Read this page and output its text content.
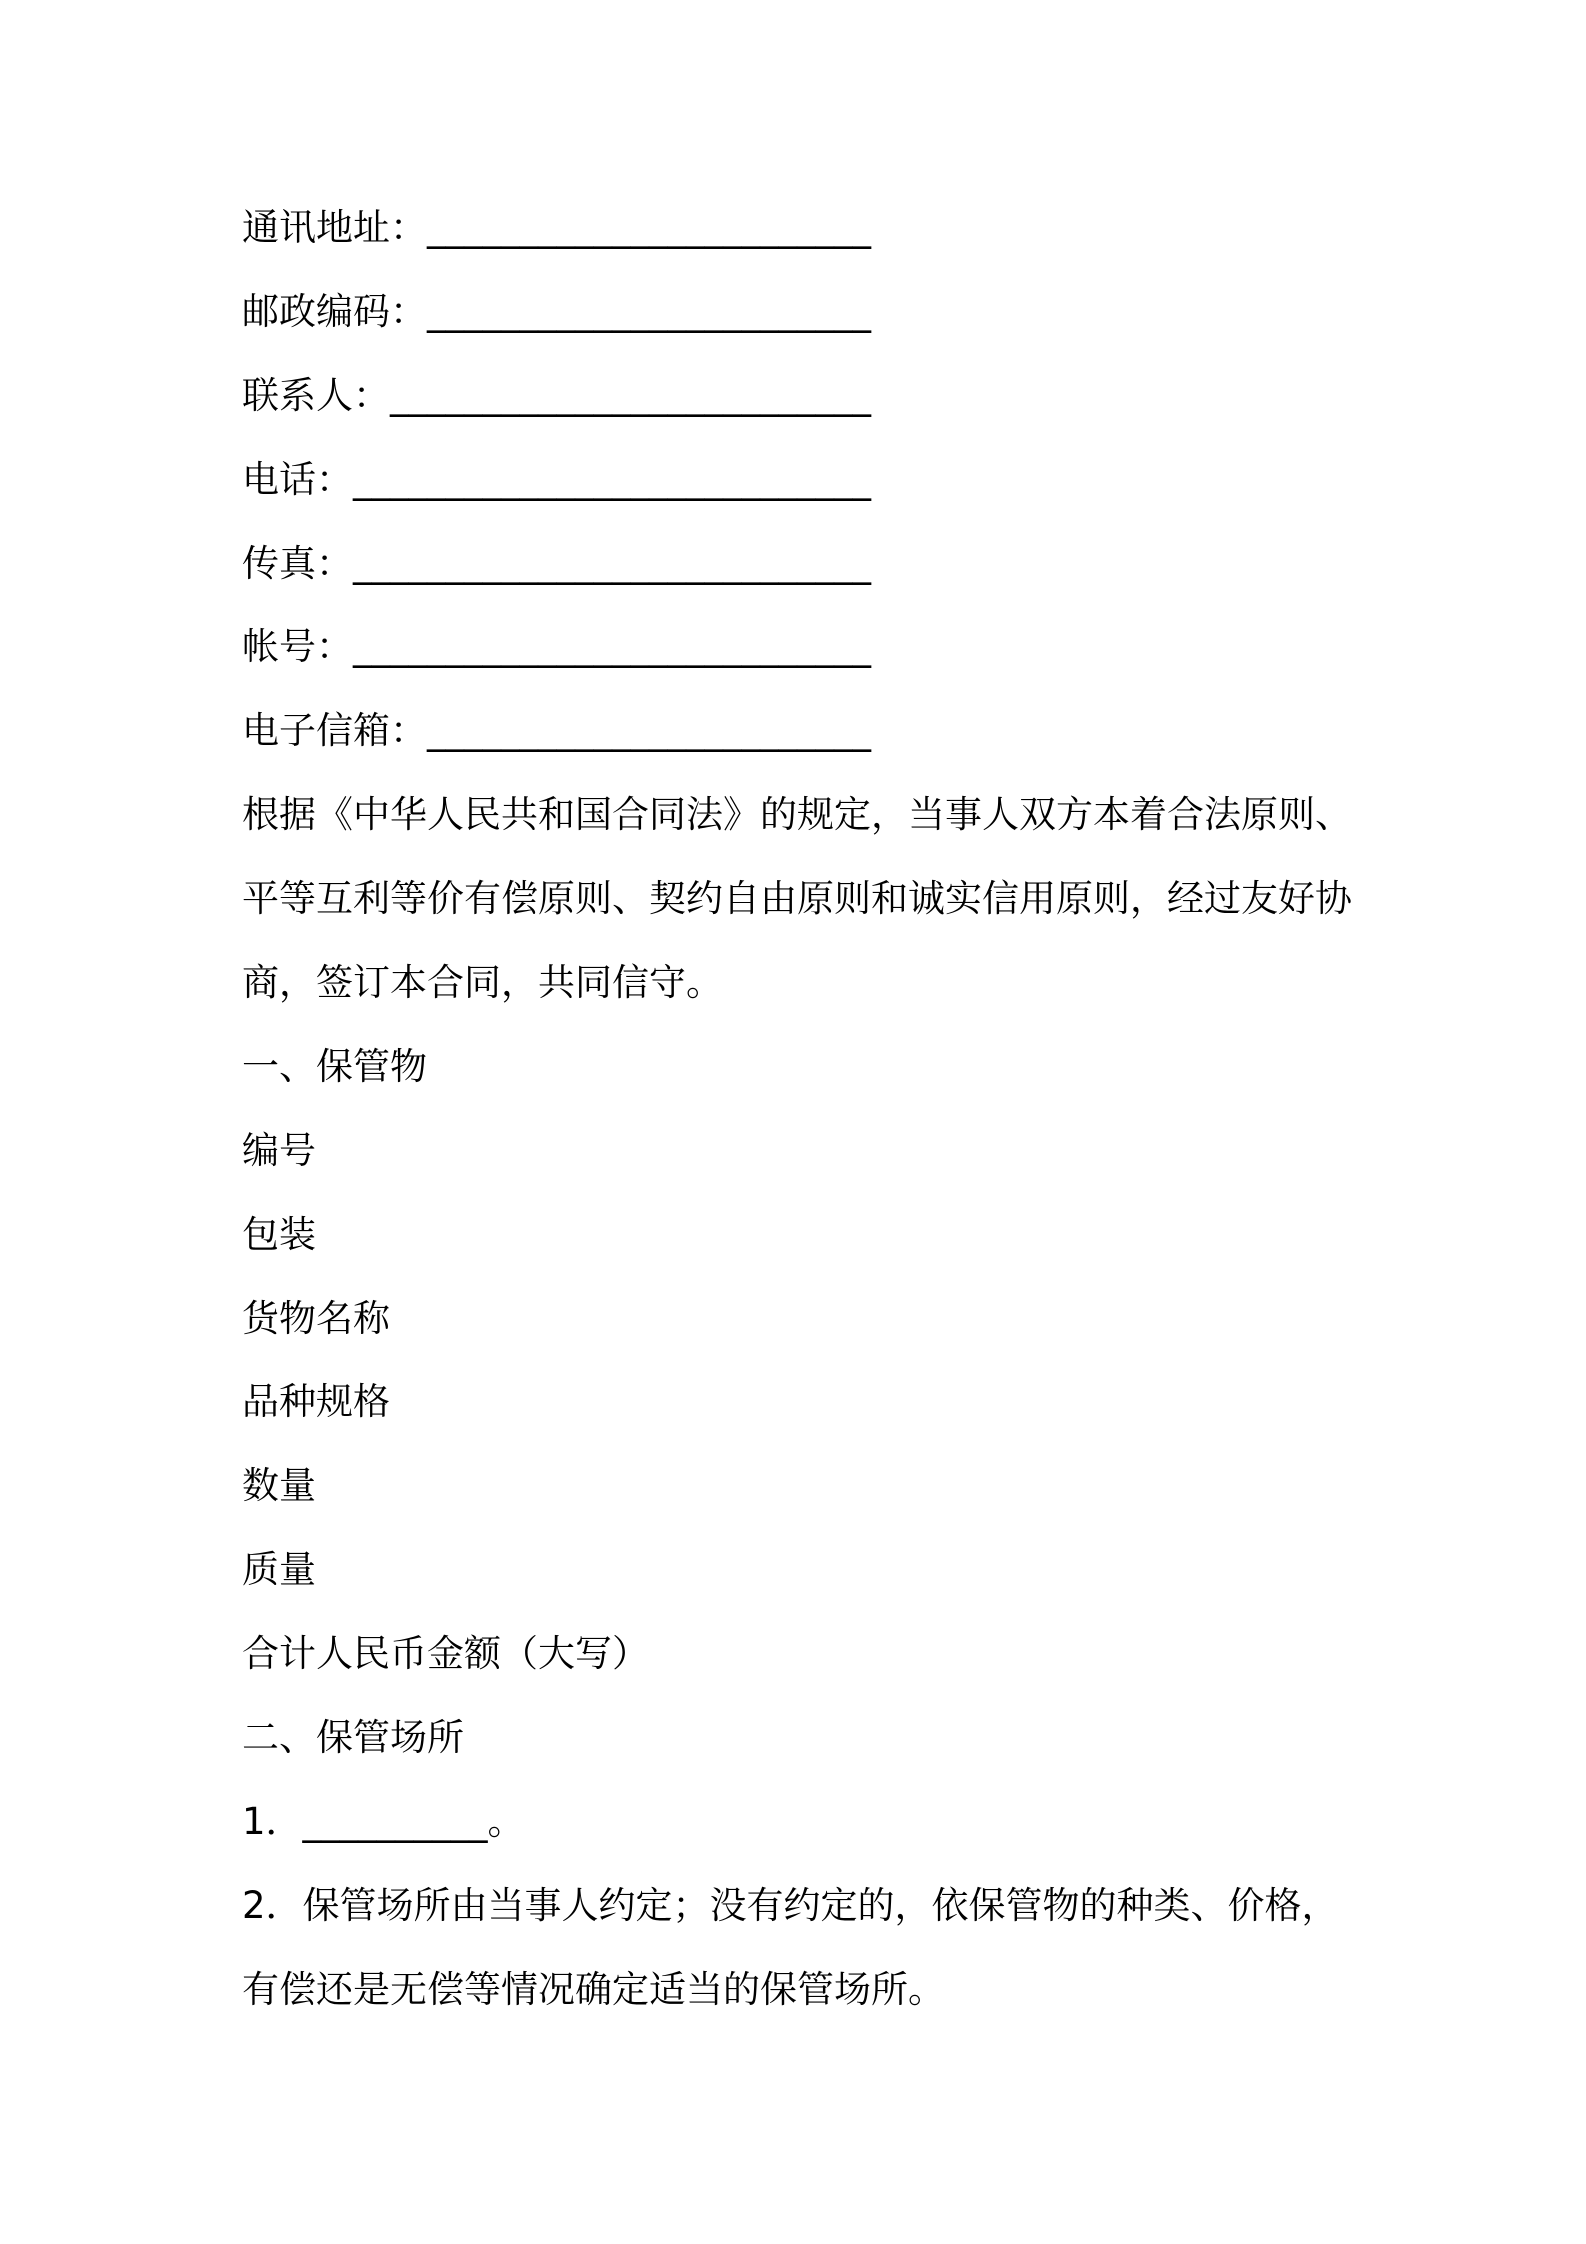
通讯地址：________________________
邮政编码：________________________
联系人：__________________________
电话：____________________________
传真：____________________________
帐号：____________________________
电子信箱：________________________
根据《中华人民共和国合同法》的规定，当事人双方本着合法原则、
平等互利等价有偿原则、契约自由原则和诚实信用原则，经过友好协
商，签订本合同，共同信守。
一、保管物
编号
包装
货物名称
品种规格
数量
质量
合计人民币金额（大写）
二、保管场所
1．__________。
2．保管场所由当事人约定；没有约定的，依保管物的种类、价格，
有偿还是无偿等情况确定适当的保管场所。
